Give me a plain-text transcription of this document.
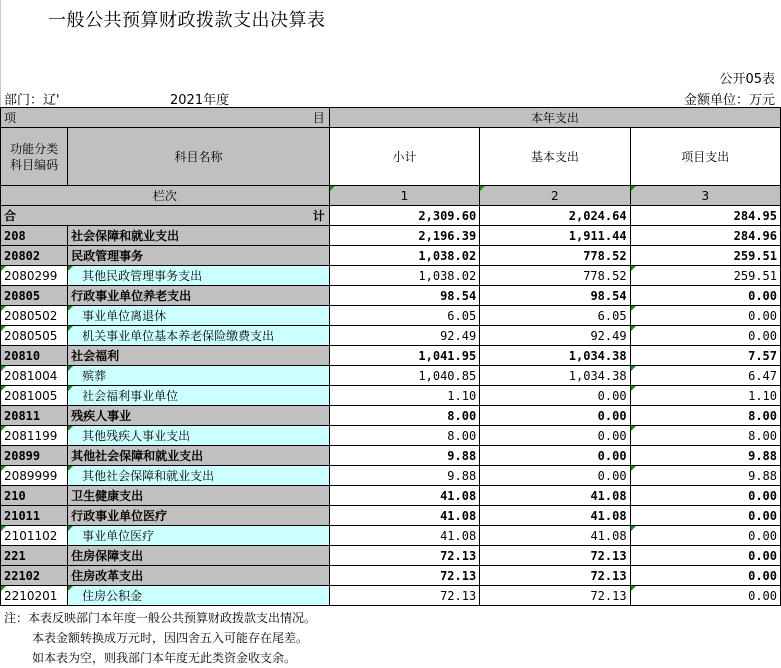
一般公共预算财政拨款支出决算表
公开05表
部门：辽'	2021年度	金额单位：万元
项 目		本年支出		
功能分类
科目编码	科目名称	小计	基本支出	项目支出
栏次		1	2	3
合 计		2,309.60	2,024.64	284.95
208	社会保障和就业支出	2,196.39	1,911.44	284.96
20802	民政管理事务	1,038.02	778.52	259.51
2080299	其他民政管理事务支出	1,038.02	778.52	259.51
20805	行政事业单位养老支出	98.54	98.54	0.00
2080502	事业单位离退休	6.05	6.05	0.00
2080505	机关事业单位基本养老保险缴费支出	92.49	92.49	0.00
20810	社会福利	1,041.95	1,034.38	7.57
2081004	殡葬	1,040.85	1,034.38	6.47
2081005	社会福利事业单位	1.10	0.00	1.10
20811	残疾人事业	8.00	0.00	8.00
2081199	其他残疾人事业支出	8.00	0.00	8.00
20899	其他社会保障和就业支出	9.88	0.00	9.88
2089999	其他社会保障和就业支出	9.88	0.00	9.88
210	卫生健康支出	41.08	41.08	0.00
21011	行政事业单位医疗	41.08	41.08	0.00
2101102	事业单位医疗	41.08	41.08	0.00
221	住房保障支出	72.13	72.13	0.00
22102	住房改革支出	72.13	72.13	0.00
2210201	住房公积金	72.13	72.13	0.00
注：本表反映部门本年度一般公共预算财政拨款支出情况。
本表金额转换成万元时，因四舍五入可能存在尾差。
如本表为空，则我部门本年度无此类资金收支余。
